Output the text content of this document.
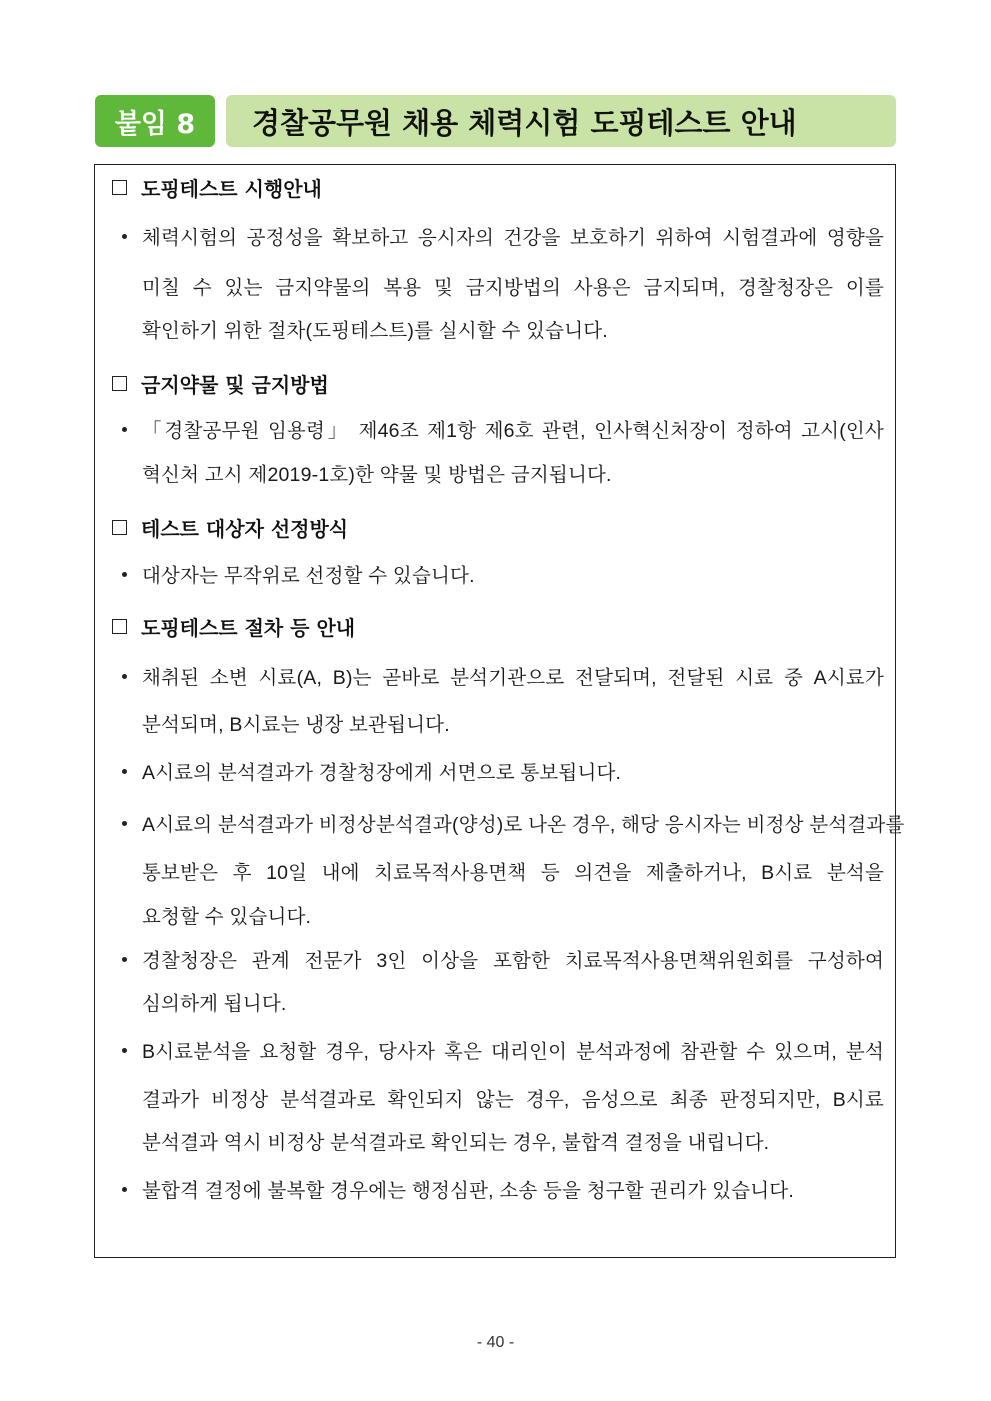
붙임 8	경찰공무원 채용 체력시험 도핑테스트 안내
도핑테스트 시행안내
체력시험의 공정성을 확보하고 응시자의 건강을 보호하기 위하여 시험결과에 영향을
미칠 수 있는 금지약물의 복용 및 금지방법의 사용은 금지되며, 경찰청장은 이를
확인하기 위한 절차(도핑테스트)를 실시할 수 있습니다.
금지약물 및 금지방법
「경찰공무원 임용령」 제46조 제1항 제6호 관련, 인사혁신처장이 정하여 고시(인사
혁신처 고시 제2019-1호)한 약물 및 방법은 금지됩니다.
테스트 대상자 선정방식
대상자는 무작위로 선정할 수 있습니다.
도핑테스트 절차 등 안내
채취된 소변 시료(A, B)는 곧바로 분석기관으로 전달되며, 전달된 시료 중 A시료가
분석되며, B시료는 냉장 보관됩니다.
A시료의 분석결과가 경찰청장에게 서면으로 통보됩니다.
A시료의 분석결과가 비정상분석결과(양성)로 나온 경우, 해당 응시자는 비정상 분석결과를
통보받은 후 10일 내에 치료목적사용면책 등 의견을 제출하거나, B시료 분석을
요청할 수 있습니다.
경찰청장은 관계 전문가 3인 이상을 포함한 치료목적사용면책위원회를 구성하여
심의하게 됩니다.
B시료분석을 요청할 경우, 당사자 혹은 대리인이 분석과정에 참관할 수 있으며, 분석
결과가 비정상 분석결과로 확인되지 않는 경우, 음성으로 최종 판정되지만, B시료
분석결과 역시 비정상 분석결과로 확인되는 경우, 불합격 결정을 내립니다.
불합격 결정에 불복할 경우에는 행정심판, 소송 등을 청구할 권리가 있습니다.
- 40 -
